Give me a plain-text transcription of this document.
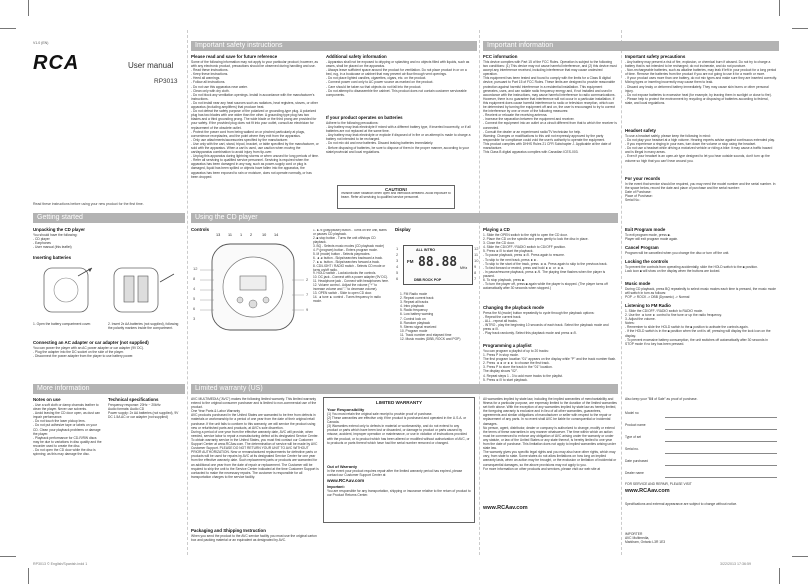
V1.0 (EN)
RCA	User manual
RP3013
Read these instructions before using your new product for the first time.
Important safety instructions
Please read and save for future reference
Some of the following information may not apply to your particular product; however, as with any electronic product, precautions should be observed during handling and use.
- Read these instructions.
- Keep these instructions.
- Heed all warnings.
- Follow all instructions.
- Do not use this apparatus near water.
- Clean only with dry cloth.
- Do not block any ventilation openings. Install in accordance with the manufacturer's instructions.
- Do not install near any heat sources such as radiators, heat registers, stoves, or other apparatus (including amplifiers) that produce heat.
- Do not defeat the safety purpose of the polarized or grounding-type plug. A polarized plug has two blades with one wider than the other. A grounding type plug has two blades and a third grounding prong. The wide blade or the third prong are provided for your safety. If the provided plug does not fit into your outlet, consult an electrician for replacement of the obsolete outlet.
- Protect the power cord from being walked on or pinched particularly at plugs, convenience receptacles, and the point where they exit from the apparatus.
- Only use attachments/accessories specified by the manufacturer.
- Use only with the cart, stand, tripod, bracket, or table specified by the manufacturer, or sold with the apparatus. When a cart is used, use caution when moving the cart/apparatus combination to avoid injury from tip-over.
- Unplug this apparatus during lightning storms or when unused for long periods of time.
- Refer all servicing to qualified service personnel. Servicing is required when the apparatus has been damaged in any way, such as power-supply cord or plug is damaged, liquid has been spilled or objects have fallen into the apparatus, the apparatus has been exposed to rain or moisture, does not operate normally, or has been dropped.
Additional safety information
- Apparatus shall not be exposed to dripping or splashing and no objects filled with liquids, such as vases, shall be placed on the apparatus.
- Always leave sufficient space around the product for ventilation. Do not place product in or on a bed, rug, in a bookcase or cabinet that may prevent air flow through vent openings.
- Do not place lighted candles, cigarettes, cigars, etc. on the product.
- Connect power cord only to AC power source as marked on the product.
- Care should be taken so that objects do not fall into the product.
- Do not attempt to disassemble the cabinet. This product does not contain customer serviceable components.
If your product operates on batteries
Adhere to the following precautions:
- Any battery may leak electrolyte if mixed with a different battery type, if inserted incorrectly, or if all batteries are not replaced at the same time.
- Any battery may leak electrolyte or explode if disposed of in fire or an attempt is made to charge a battery not intended to be recharged.
- Do not mix old and new batteries. Discard leaking batteries immediately.
- Before disposing of batteries, be sure to dispose of them in the proper manner, according to your state/provincial and local regulations.
CAUTION!
Invisible laser radiation when open and interlocks defeated. Avoid exposure to beam. Refer all servicing to qualified service personnel.
Important information
FCC information
This device complies with Part 15 of the FCC Rules. Operation is subject to the following two conditions: (1) This device may not cause harmful interference, and (2) this device must accept any interference received, including interference that may cause undesired operation.
This equipment has been tested and found to comply with the limits for a Class B digital device, pursuant to Part 15 of FCC Rules. These limits are designed to provide reasonable protection against harmful interference in a residential installation. This equipment generates, uses, and can radiate radio frequency energy and, if not installed and used in accordance with the instructions, may cause harmful interference to radio communications.
However, there is no guarantee that interference will not occur in a particular installation. If this equipment does cause harmful interference to radio or television reception, which can be determined by turning the equipment off and on, the user is encouraged to try to correct the interference by one or more of the following measures:
- Reorient or relocate the receiving antenna.
- Increase the separation between the equipment and receiver.
- Connect the equipment into an outlet on a circuit different from that to which the receiver is connected.
- Consult the dealer or an experienced radio/TV technician for help.
Warning: Changes or modifications to this unit not expressly approved by the party responsible for compliance could void the user's authority to operate the equipment.
This product complies with DHHS Rules 21 CFR Subchapter J. Applicable at the date of manufacture.
This Class B digital apparatus complies with Canadian ICES-003.
Important safety precautions
- Any battery may present a risk of fire, explosion, or chemical burn if abused. Do not try to charge a battery that is not intended to be recharged; do not incinerate, and do not puncture.
- Non-rechargeable batteries, such as alkaline batteries, may leak if left in your product for a long period of time. Remove the batteries from the product if you are not going to use it for a month or more.
- If your product uses more than one battery, do not mix types and make sure they are inserted correctly. Mixing types or inserting incorrectly may cause them to leak.
- Discard any leaky or deformed battery immediately. They may cause skin burns or other personal injury.
- Do not expose batteries to excessive heat (for example, by leaving them in sunlight or close to fire).
- Please help to protect the environment by recycling or disposing of batteries according to federal, state, and local regulations.
Headset safety
To use a headset safely, please keep the following in mind:
- Do not play your headset at a high volume. Hearing experts advise against continuous extended play.
- If you experience a ringing in your ears, turn down the volume or stop using the headset.
- Do not use a headset while driving a motorized vehicle or riding a bike: it may cause a traffic hazard and is illegal in many areas.
- Even if your headset is an open-air type designed to let you hear outside sounds, don't turn up the volume so high that you can't hear around you.
For your records
In the event that service should be required, you may need the model number and the serial number. In the space below, record the date and place of purchase and the serial number:
Date of Purchase:
Place of Purchase:
Serial No.:
Getting started
Unpacking the CD player
You should have the following:
- CD player
- Earphones
- User manual (this leaflet)
Inserting batteries
1. Open the battery compartment cover.	2. Insert 2x AA batteries (not supplied), following the polarity markers inside the compartment.
Connecting an AC adapter or car adapter (not supplied)
You can power the player with an AC power adapter or car adapter (9V DC).
- Plug the adapter into the DC socket on the side of the player.
- Disconnect the power adapter from the player to use battery power.
Using the CD player
Controls
13 11 1 2	10 14
12
8
4
5
6
3
2
7
9
1. ►/II (play/pause) button - Turns on the unit, starts or pauses CD playback.
2. ■ stop button - Turns the unit off/stops CD playback.
3. BQ - Selects music modes (CD playback mode)
4. P (program) button - Enters program mode.
5. M (mode) button - Selects playmodes.
6. ◄◄ button - Skips/searches backward a track.
7. ►► button - Skips/searches forward a track.
8. CD/LIGHT / RADIO switch - Selects CD mode or turns on/off radio.
9. HOLD switch - Locks/unlocks the controls.
10. DC jack - Connect with a power adapter (9V DC).
11. Headphone jack - Connect with headphones here.
12. Volume control - Adjust the volume ("+" to increase volume and "-" to decrease volume).
13. OPEN switch - Slide to open CD door.
14. ◄ tune ► control - Tunes frequency in radio mode.
Display
ALL INTRO
FM 88.88 MHz
DBB ROCK POP
1
2
3
4
5
6
12
11
10
9
8
7
1. FM Radio mode
2. Repeat current track
3. Repeat all tracks
4. Intro playback
5. Radio frequency
6. Low battery warning
7. Control lock on
8. Random playback
9. Stereo signal received
10. Program mode
11. Track number and elapsed time
12. Music modes (DBB, ROCK and POP)
Playing a CD
1. Slide the OPEN switch to the right to open the CD door.
2. Place the CD on the spindle and press gently to lock the disc in place.
3. Close the CD door.
4. Slide the CD/OFF / RADIO switch to CD/OFF position.
5. Press ►/II to start the playback.
- To pause playback, press ►/II. Press again to resume.
- To skip to the next track, press ►►.
- To skip to the start of the track, press ◄◄. Press again to skip to the previous track.
- To fast forward or rewind, press and hold ►► or ◄◄.
- In pause/resume playback, press ►/II. The playing time flashes when the player is paused.
6. To stop playback, press ■.
- To turn the player off, press ■ again while the player is stopped. (The player turns off automatically after 30 seconds when stopped.)
Changing the playback mode
Press the M (mode) button repeatedly to cycle through the playback options:
- Repeat the current track.
- ALL - repeat all tracks.
- INTRO - play the beginning 10 seconds of each track. Select the playback mode and press ►/II.
- Play track randomly. Select this playback mode and press ►/II.
Programming a playlist
You can program a playlist of up to 20 tracks:
1. Press P in stop mode.
The first program location "01" appears on the display while "P" and the track number flash.
2. Press ◄◄ or ►► to choose the first track.
3. Press P to store the track in the "01" location.
The display shows "02".
4. Repeat steps 1 - 3 to add more tracks to the playlist.
5. Press ►/II to start playback.
Exit Program mode
To exit program mode, press ■.
Player will exit program mode again.
Cancel Program
Program will be cancelled when you change the disc or turn off the unit.
Locking the controls
To prevent the controls from operating accidentally, slide the HOLD switch to the ■ position.
Lock icon ■ will show on the display when the buttons are locked.
Music mode
During CD playback, press BQ repeatedly to select music modes each time is pressed, the music mode will switch in turn as follows:
POP -> ROCK -> DBB (Dynamic) -> Normal
Listening to FM Radio
1. Slide the CD/OFF / RADIO switch to RADIO mode.
2. Use the ◄ tune ► control to fine tune or up the radio frequency.
3. Adjust the volume.
Notes:
- Remember to slide the HOLD switch to the ■ position to activate the controls again.
- If the HOLD switch is in the ■ position when the unit is off, pressing will display the lock icon on the display.
- To prevent excessive battery consumption, the unit switches off automatically after 30 seconds in STOP mode if no key has been pressed.
More information
Notes on use
- Use a soft cloth or damp chamois leather to clean the player. Never use solvents.
- Avoid leaving the CD door open, as dust can impair performance.
- Do not touch the laser pickup lens.
- Do not put adhesive tape or labels on your CD. Clean your playback problems or damage the player.
- Playback performance for CD-R/RW discs may be due to variations in disc quality and the recorder used to create the disc.
- Do not open the CD door while the disc is spinning; as this may damage the disc.
Technical specifications
Frequency response: 20Hz ~ 20kHz
Audio formats: Audio CD
Power supply: 2x AA batteries (not supplied), 9V DC 1.5A AC or car adapter (not supplied)
Limited warranty (US)
AVC MULTIMEDIA ("AVC") makes the following limited warranty. This limited warranty extend to the original consumer purchaser and is limited to non-commercial use of the product.
One Year Parts & Labor Warranty
AVC products purchased in the United States are warranted to be free from defects in materials or workmanship for a period of one year from the date of their original retail purchase. If the unit fails to conform to this warranty, we will service the product using new or refurbished parts and products, at AVC's sole discretion.
During a period of one year from the effective warranty date, AVC will provide, when needed, service labor to repair a manufacturing defect at its designated Service Center. To obtain warranty service in the United States, you must first contact our Customer Support Center at www.RCAav.com. The determination of service will be made by AVC Customer Support. PLEASE DO NOT RETURN YOUR UNIT TO AVC WITHOUT PRIOR AUTHORIZATION. New or remanufactured replacements for defective parts or products will be used for repairs by AVC at its designated Service Center for one year from the effective warranty date. Such replacement parts or products are warranted for an additional one year from the date of repair or replacement. The Customer will be required to ship the unit to the Service Center indicated at the time Customer Support is contacted to make the necessary repairs. The customer is responsible for all transportation charges to the service facility.
Packaging and Shipping Instruction
When you send the product to the AVC service facility you must use the original carton box and packing material or an equivalent as designated by AVC.
LIMITED WARRANTY
Your Responsibility
(1) You must retain the original sale receipt to provide proof of purchase.
(2) These warranties are effective only if the product is purchased and operated in the U.S.A. or Canada.
(3) Warranties extend only to defects in material or workmanship, and do not extend to any product or parts which have been lost or discarded, or damage to product or parts caused by misuse, accident, improper operation or maintenance, or use in violation of instructions provided with the product, or to product which has been altered or modified without authorization of AVC, or to products or parts thereof which have had the serial number removed or changed.
Out of Warranty
In the event your product requires repair after the limited warranty period has expired, please contact our Customer Support Center at
www.RCAav.com
Important:
You are responsible for any transportation, shipping or insurance relative to the return of product to our Product Returns Center.
All warranties implied by state law, including the implied warranties of merchantability and fitness for a particular purpose, are expressly limited to the duration of the limited warranties set forth above. With the exception of any warranties implied by state law as hereby limited, the foregoing warranty is exclusive and in lieu of all other warranties, guarantees, agreements and similar obligations of manufacturer or seller with respect to the repair or replacement of any parts. In no event shall AVC be liable for consequential or incidental damages.
No person, agent, distributor, dealer or company is authorized to change, modify or extend the terms of these warranties in any manner whatsoever. The time within which an action must be commenced to enforce any obligation of AVC arising under the warranty or under any statute, or law of the United States or any state thereof, is hereby limited to one year from the date of purchase. This limitation does not apply to implied warranties arising under state law.
The warranty gives you specific legal rights and you may also have other rights, which may vary, from state to state. Some states do not allow limitations on how long an implied warranty lasts, when an action may be brought, or the exclusion or limitation of incidental or consequential damages, so the above provisions may not apply to you.
For more information on other products and services, please visit our web site at
www.RCAav.com
Also keep your "Bill of Sale" as proof of purchase.
Model no.
Product name
Type of set
Serial no.
Date purchased
Dealer name
FOR SERVICE AND REPAIR, PLEASE VISIT
www.RCAav.com
Specifications and external appearance are subject to change without notice.
IMPORTER
AVC Multimedia,
Markham, Ontario L3R 1E3
RP3013 © English/Spanish.indd 1	3/22/2013 17:36:59
